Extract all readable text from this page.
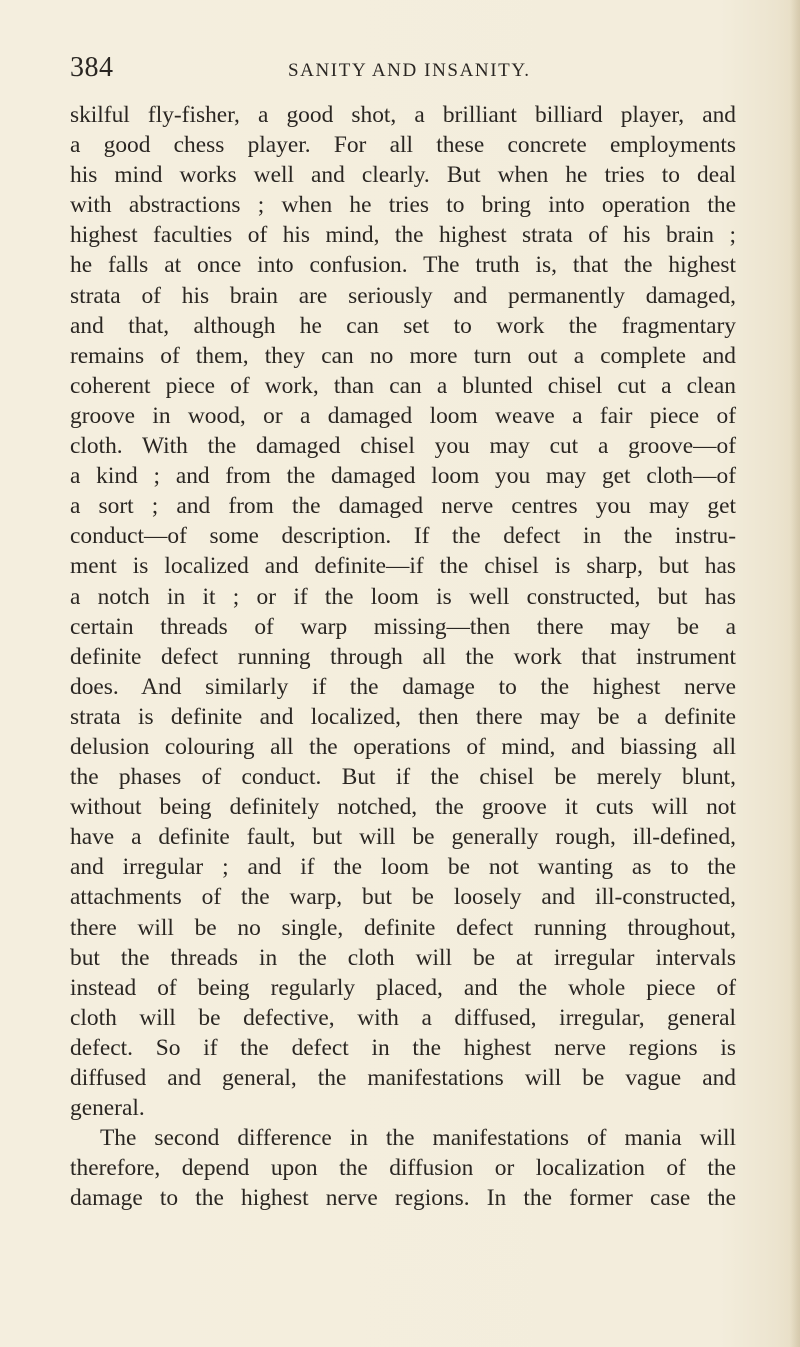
384	SANITY AND INSANITY.
skilful fly-fisher, a good shot, a brilliant billiard player, and
a good chess player. For all these concrete employments
his mind works well and clearly. But when he tries to deal
with abstractions ; when he tries to bring into operation the
highest faculties of his mind, the highest strata of his brain ;
he falls at once into confusion. The truth is, that the highest
strata of his brain are seriously and permanently damaged,
and that, although he can set to work the fragmentary
remains of them, they can no more turn out a complete and
coherent piece of work, than can a blunted chisel cut a clean
groove in wood, or a damaged loom weave a fair piece of
cloth. With the damaged chisel you may cut a groove—of
a kind ; and from the damaged loom you may get cloth—of
a sort ; and from the damaged nerve centres you may get
conduct—of some description. If the defect in the instru-
ment is localized and definite—if the chisel is sharp, but has
a notch in it ; or if the loom is well constructed, but has
certain threads of warp missing—then there may be a
definite defect running through all the work that instrument
does. And similarly if the damage to the highest nerve
strata is definite and localized, then there may be a definite
delusion colouring all the operations of mind, and biassing all
the phases of conduct. But if the chisel be merely blunt,
without being definitely notched, the groove it cuts will not
have a definite fault, but will be generally rough, ill-defined,
and irregular ; and if the loom be not wanting as to the
attachments of the warp, but be loosely and ill-constructed,
there will be no single, definite defect running throughout,
but the threads in the cloth will be at irregular intervals
instead of being regularly placed, and the whole piece of
cloth will be defective, with a diffused, irregular, general
defect. So if the defect in the highest nerve regions is
diffused and general, the manifestations will be vague and
general.
The second difference in the manifestations of mania will
therefore, depend upon the diffusion or localization of the
damage to the highest nerve regions. In the former case the
